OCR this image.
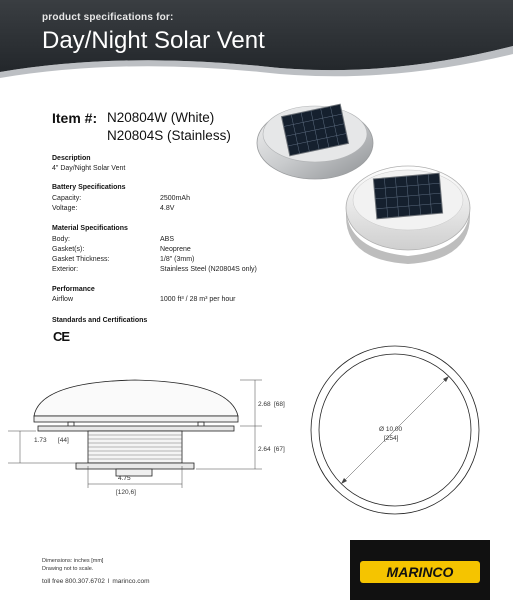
product specifications for:
Day/Night Solar Vent
Item #: N20804W (White)
N20804S (Stainless)
Description
4" Day/Night Solar Vent
Battery Specifications
Capacity:	2500mAh
Voltage:	4.8V
Material Specifications
Body:	ABS
Gasket(s):	Neoprene
Gasket Thickness:	1/8" (3mm)
Exterior:	Stainless Steel (N20804S only)
Performance
Airflow	1000 ft³ / 28 m³ per hour
Standards and Certifications
CE
2.68 [68]
2.64 [67]
1.73 [44]
4.75
[120,6]
Ø 10.00
[254]
Dimensions: inches [mm]
Drawing not to scale.
toll free 800.307.6702 l marinco.com
MARINCO
